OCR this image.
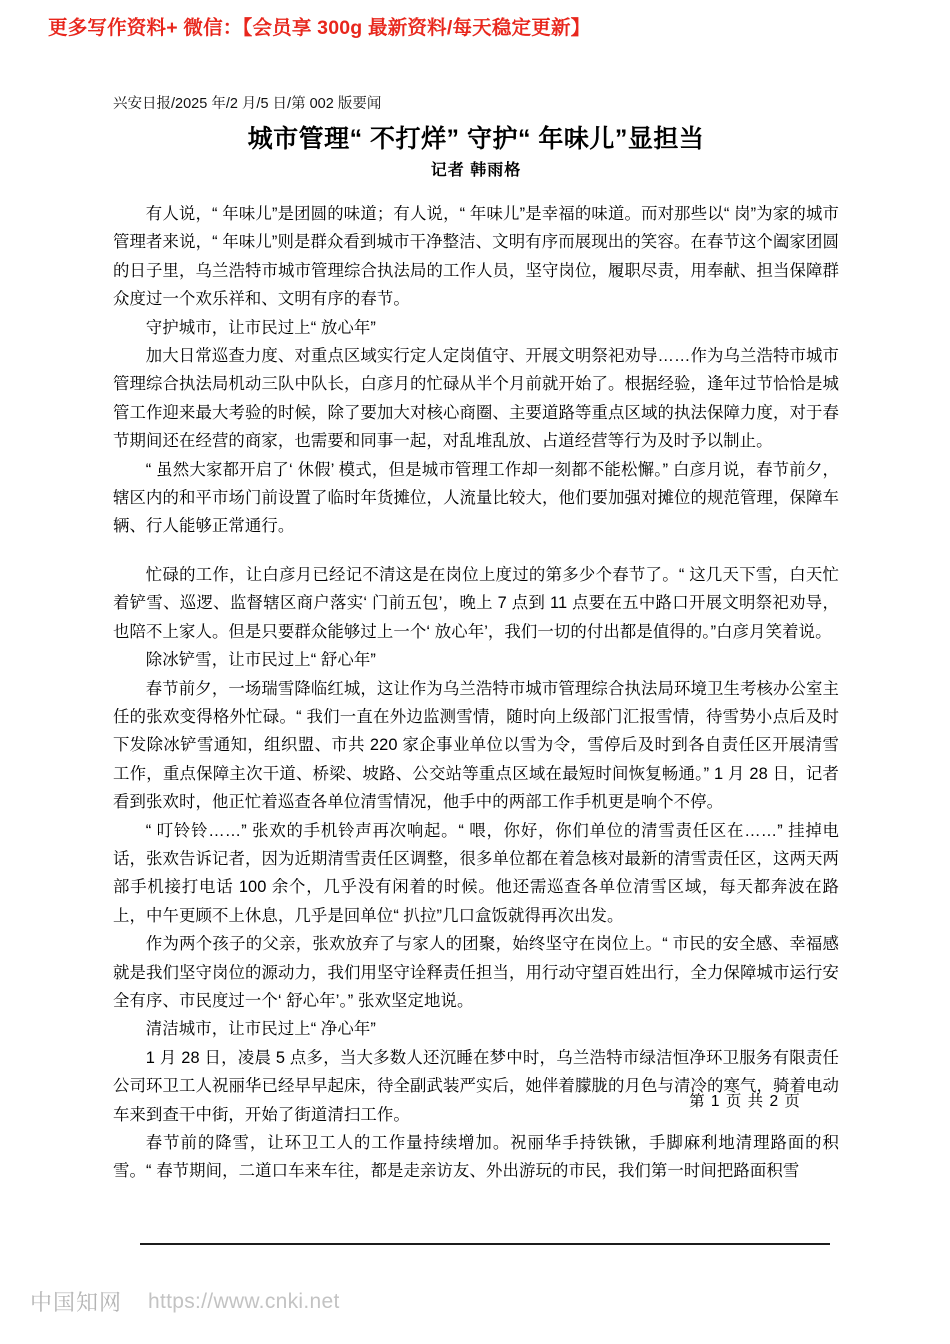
更多写作资料+ 微信：【会员享 300g 最新资料/每天稳定更新】
兴安日报/2025 年/2 月/5 日/第 002 版要闻
城市管理“ 不打烊” 守护“ 年味儿”显担当
记者 韩雨格

有人说，“ 年味儿”是团圆的味道；有人说，“ 年味儿”是幸福的味道。而对那些以“ 岗”为家的城市管理者来说，“ 年味儿”则是群众看到城市干净整洁、文明有序而展现出的笑容。在春节这个阖家团圆的日子里，乌兰浩特市城市管理综合执法局的工作人员，坚守岗位，履职尽责，用奉献、担当保障群众度过一个欢乐祥和、文明有序的春节。

守护城市，让市民过上“ 放心年”

加大日常巡查力度、对重点区域实行定人定岗值守、开展文明祭祀劝导……作为乌兰浩特市城市管理综合执法局机动三队中队长，白彦月的忙碌从半个月前就开始了。根据经验，逢年过节恰恰是城管工作迎来最大考验的时候，除了要加大对核心商圈、主要道路等重点区域的执法保障力度，对于春节期间还在经营的商家，也需要和同事一起，对乱堆乱放、占道经营等行为及时予以制止。

“ 虽然大家都开启了‘ 休假’ 模式，但是城市管理工作却一刻都不能松懈。” 白彦月说，春节前夕，辖区内的和平市场门前设置了临时年货摊位，人流量比较大，他们要加强对摊位的规范管理，保障车辆、行人能够正常通行。

忙碌的工作，让白彦月已经记不清这是在岗位上度过的第多少个春节了。“ 这几天下雪，白天忙着铲雪、巡逻、监督辖区商户落实‘ 门前五包’，晚上 7 点到 11 点要在五中路口开展文明祭祀劝导，也陪不上家人。但是只要群众能够过上一个‘ 放心年’，我们一切的付出都是值得的。”白彦月笑着说。

除冰铲雪，让市民过上“ 舒心年”

春节前夕，一场瑞雪降临红城，这让作为乌兰浩特市城市管理综合执法局环境卫生考核办公室主任的张欢变得格外忙碌。“ 我们一直在外边监测雪情，随时向上级部门汇报雪情，待雪势小点后及时下发除冰铲雪通知，组织盟、市共 220 家企事业单位以雪为令，雪停后及时到各自责任区开展清雪工作，重点保障主次干道、桥梁、坡路、公交站等重点区域在最短时间恢复畅通。” 1 月 28 日，记者看到张欢时，他正忙着巡查各单位清雪情况，他手中的两部工作手机更是响个不停。

“ 叮铃铃……” 张欢的手机铃声再次响起。“ 喂，你好，你们单位的清雪责任区在……” 挂掉电话，张欢告诉记者，因为近期清雪责任区调整，很多单位都在着急核对最新的清雪责任区，这两天两部手机接打电话 100 余个，几乎没有闲着的时候。他还需巡查各单位清雪区域，每天都奔波在路上，中午更顾不上休息，几乎是回单位“ 扒拉”几口盒饭就得再次出发。

作为两个孩子的父亲，张欢放弃了与家人的团聚，始终坚守在岗位上。“ 市民的安全感、幸福感就是我们坚守岗位的源动力，我们用坚守诠释责任担当，用行动守望百姓出行，全力保障城市运行安全有序、市民度过一个‘ 舒心年’。” 张欢坚定地说。

清洁城市，让市民过上“ 净心年”

1 月 28 日，凌晨 5 点多，当大多数人还沉睡在梦中时，乌兰浩特市绿洁恒净环卫服务有限责任公司环卫工人祝丽华已经早早起床，待全副武装严实后，她伴着朦胧的月色与清冷的寒气，骑着电动车来到查干中街，开始了街道清扫工作。

春节前的降雪，让环卫工人的工作量持续增加。祝丽华手持铁锹，手脚麻利地清理路面的积雪。“ 春节期间，二道口车来车往，都是走亲访友、外出游玩的市民，我们第一时间把路面积雪

第 1 页 共 2 页
中国知网 https://www.cnki.net
